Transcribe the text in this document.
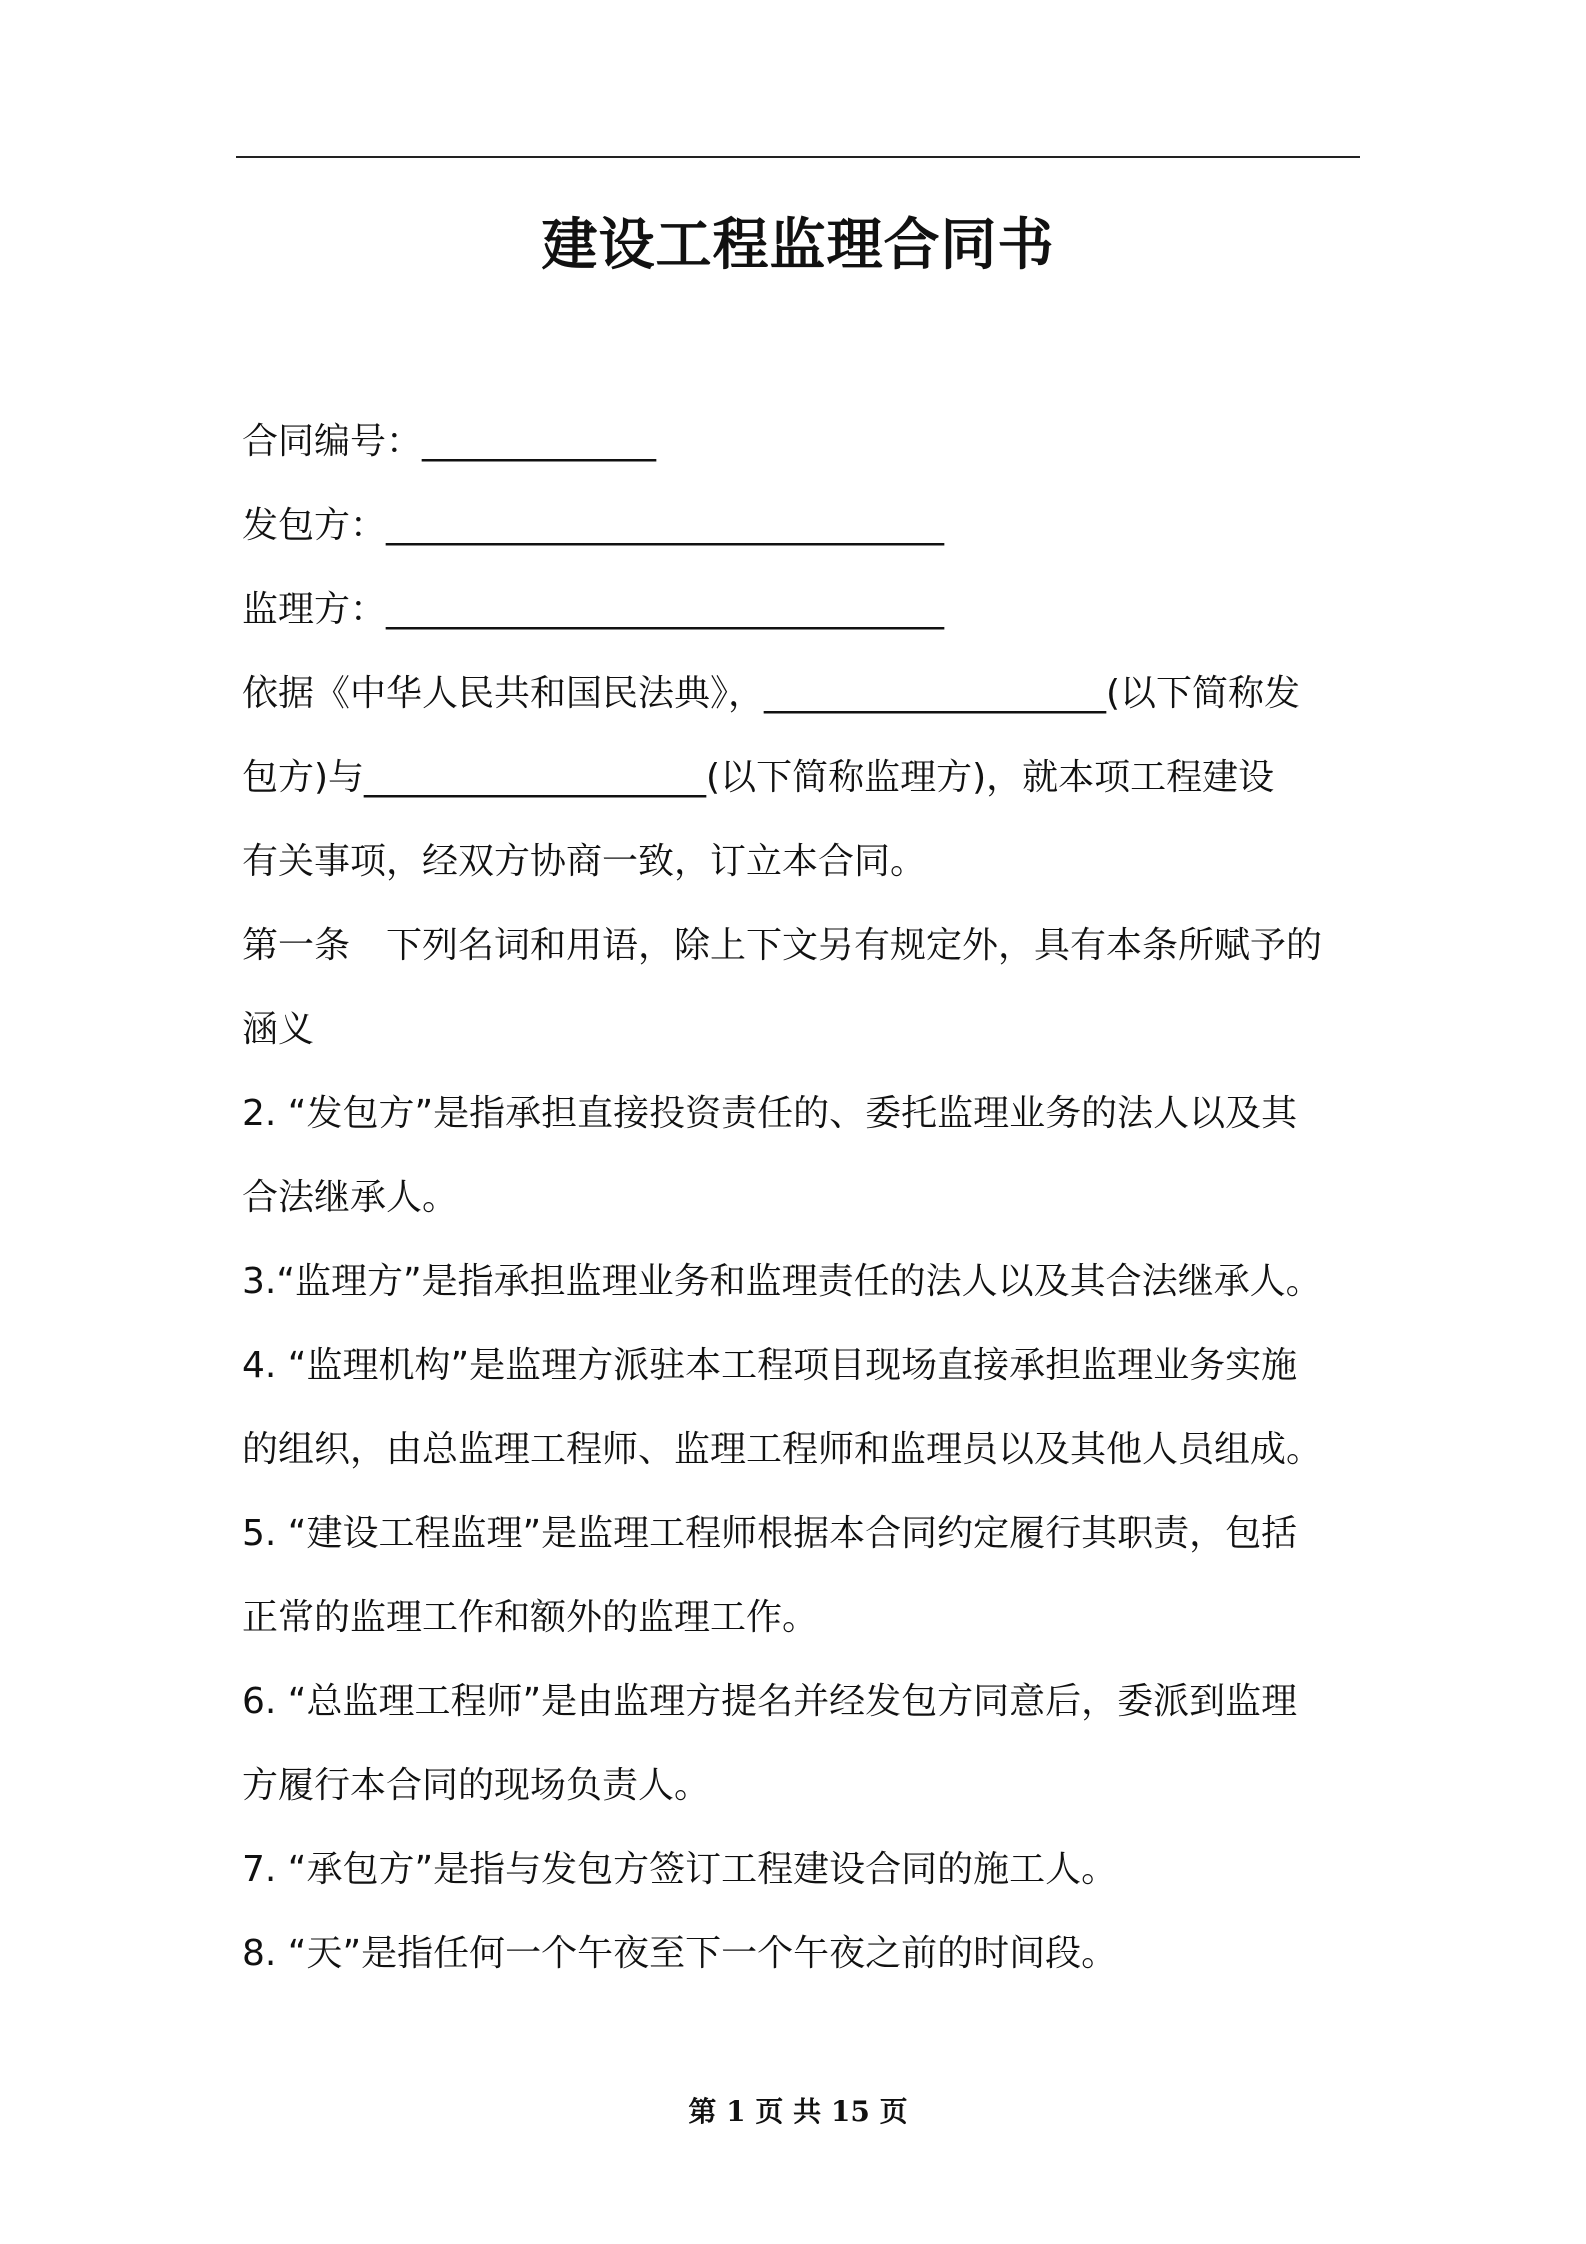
建设工程监理合同书
合同编号：_____________
发包方：_______________________________
监理方：_______________________________
依据《中华人民共和国民法典》，___________________(以下简称发
包方)与___________________(以下简称监理方)，就本项工程建设
有关事项，经双方协商一致，订立本合同。
第一条　下列名词和用语，除上下文另有规定外，具有本条所赋予的
涵义
2. “发包方”是指承担直接投资责任的、委托监理业务的法人以及其
合法继承人。
3.“监理方”是指承担监理业务和监理责任的法人以及其合法继承人。
4. “监理机构”是监理方派驻本工程项目现场直接承担监理业务实施
的组织，由总监理工程师、监理工程师和监理员以及其他人员组成。
5. “建设工程监理”是监理工程师根据本合同约定履行其职责，包括
正常的监理工作和额外的监理工作。
6. “总监理工程师”是由监理方提名并经发包方同意后，委派到监理
方履行本合同的现场负责人。
7. “承包方”是指与发包方签订工程建设合同的施工人。
8. “天”是指任何一个午夜至下一个午夜之前的时间段。
第 1 页 共 15 页
